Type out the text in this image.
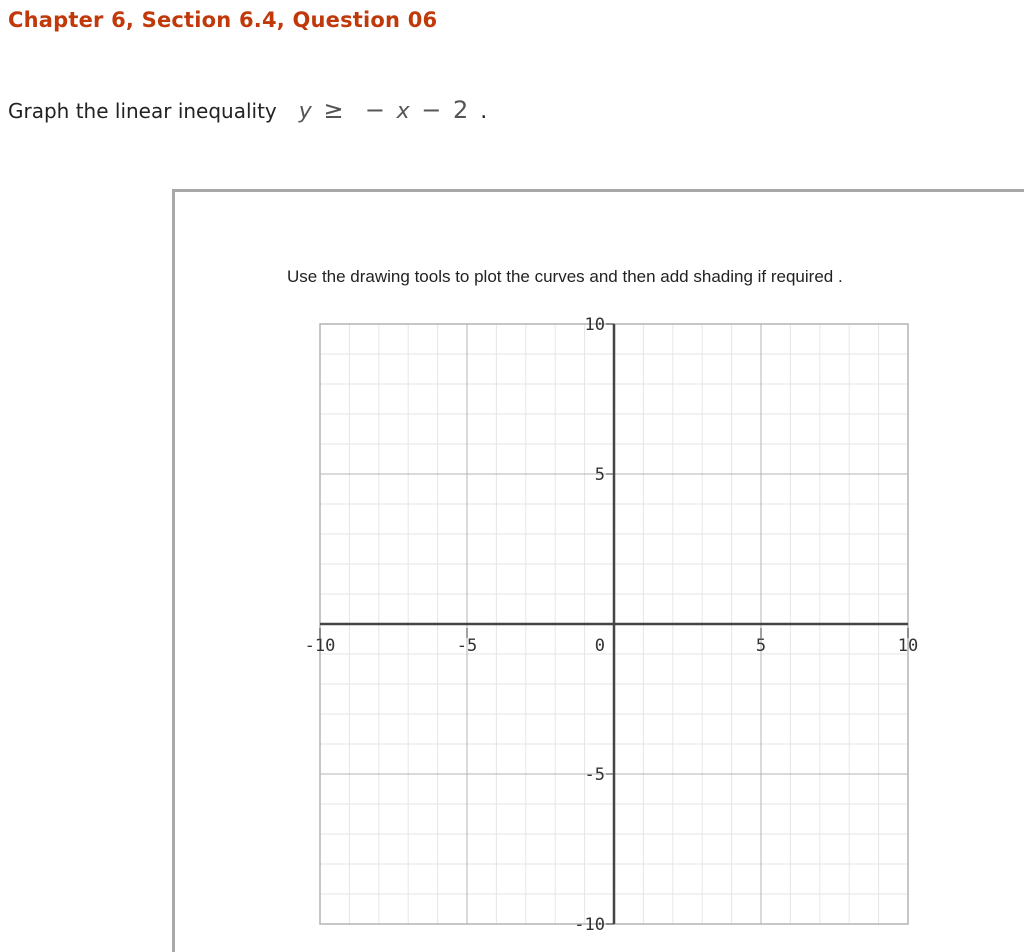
Chapter 6, Section 6.4, Question 06
Graph the linear inequality y ≥ − x − 2 .
Use the drawing tools to plot the curves and then add shading if required .
-10	-5	0	5	10
10
5
-5
-10
